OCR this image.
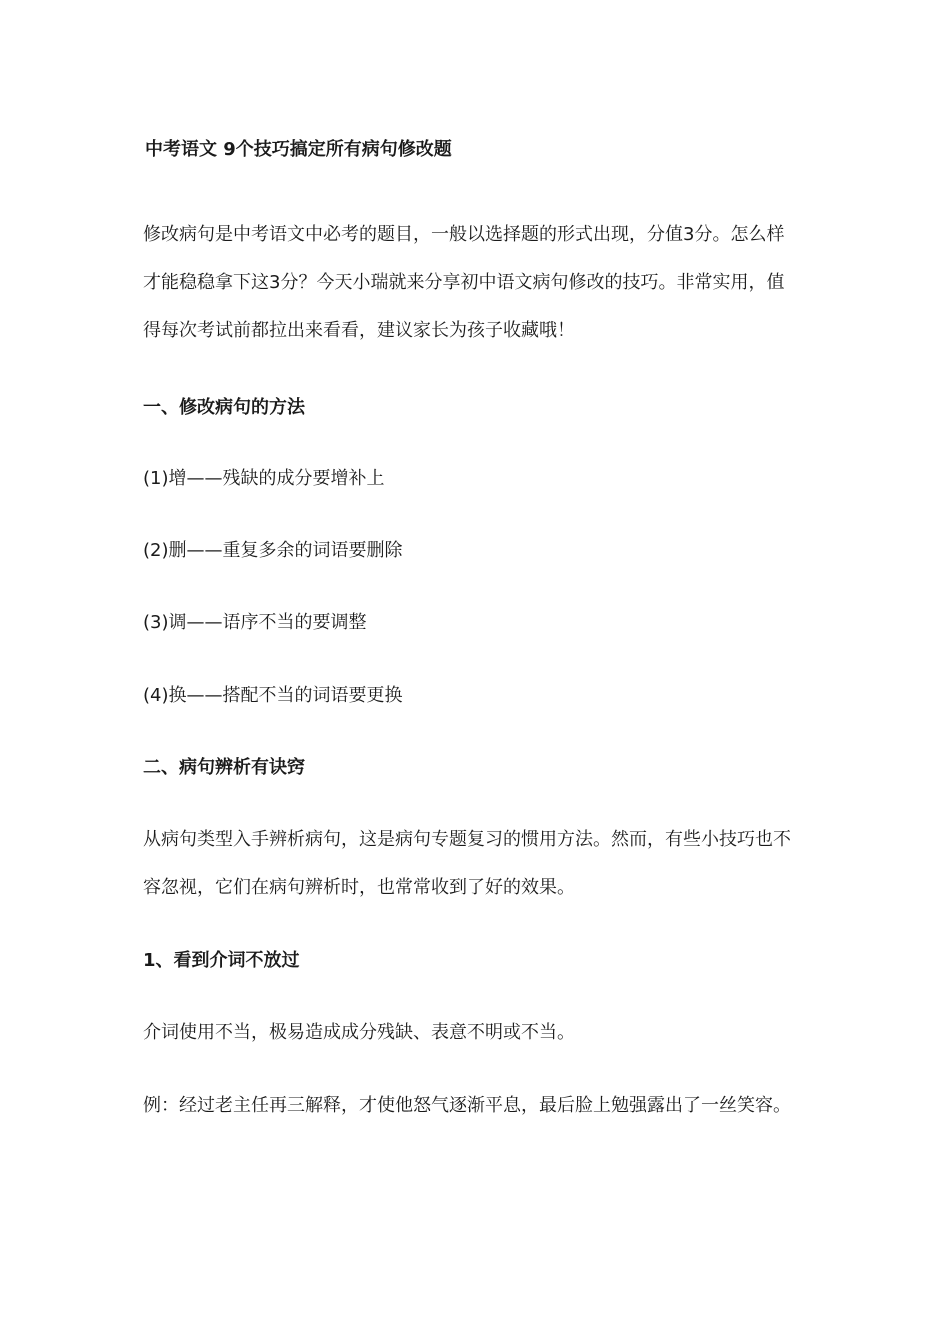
中考语文 9个技巧搞定所有病句修改题
修改病句是中考语文中必考的题目，一般以选择题的形式出现，分值3分。怎么样
才能稳稳拿下这3分？今天小瑞就来分享初中语文病句修改的技巧。非常实用，值
得每次考试前都拉出来看看，建议家长为孩子收藏哦！
一、修改病句的方法
(1)增——残缺的成分要增补上
(2)删——重复多余的词语要删除
(3)调——语序不当的要调整
(4)换——搭配不当的词语要更换
二、病句辨析有诀窍
从病句类型入手辨析病句，这是病句专题复习的惯用方法。然而，有些小技巧也不
容忽视，它们在病句辨析时，也常常收到了好的效果。
1、看到介词不放过
介词使用不当，极易造成成分残缺、表意不明或不当。
例：经过老主任再三解释，才使他怒气逐渐平息，最后脸上勉强露出了一丝笑容。
